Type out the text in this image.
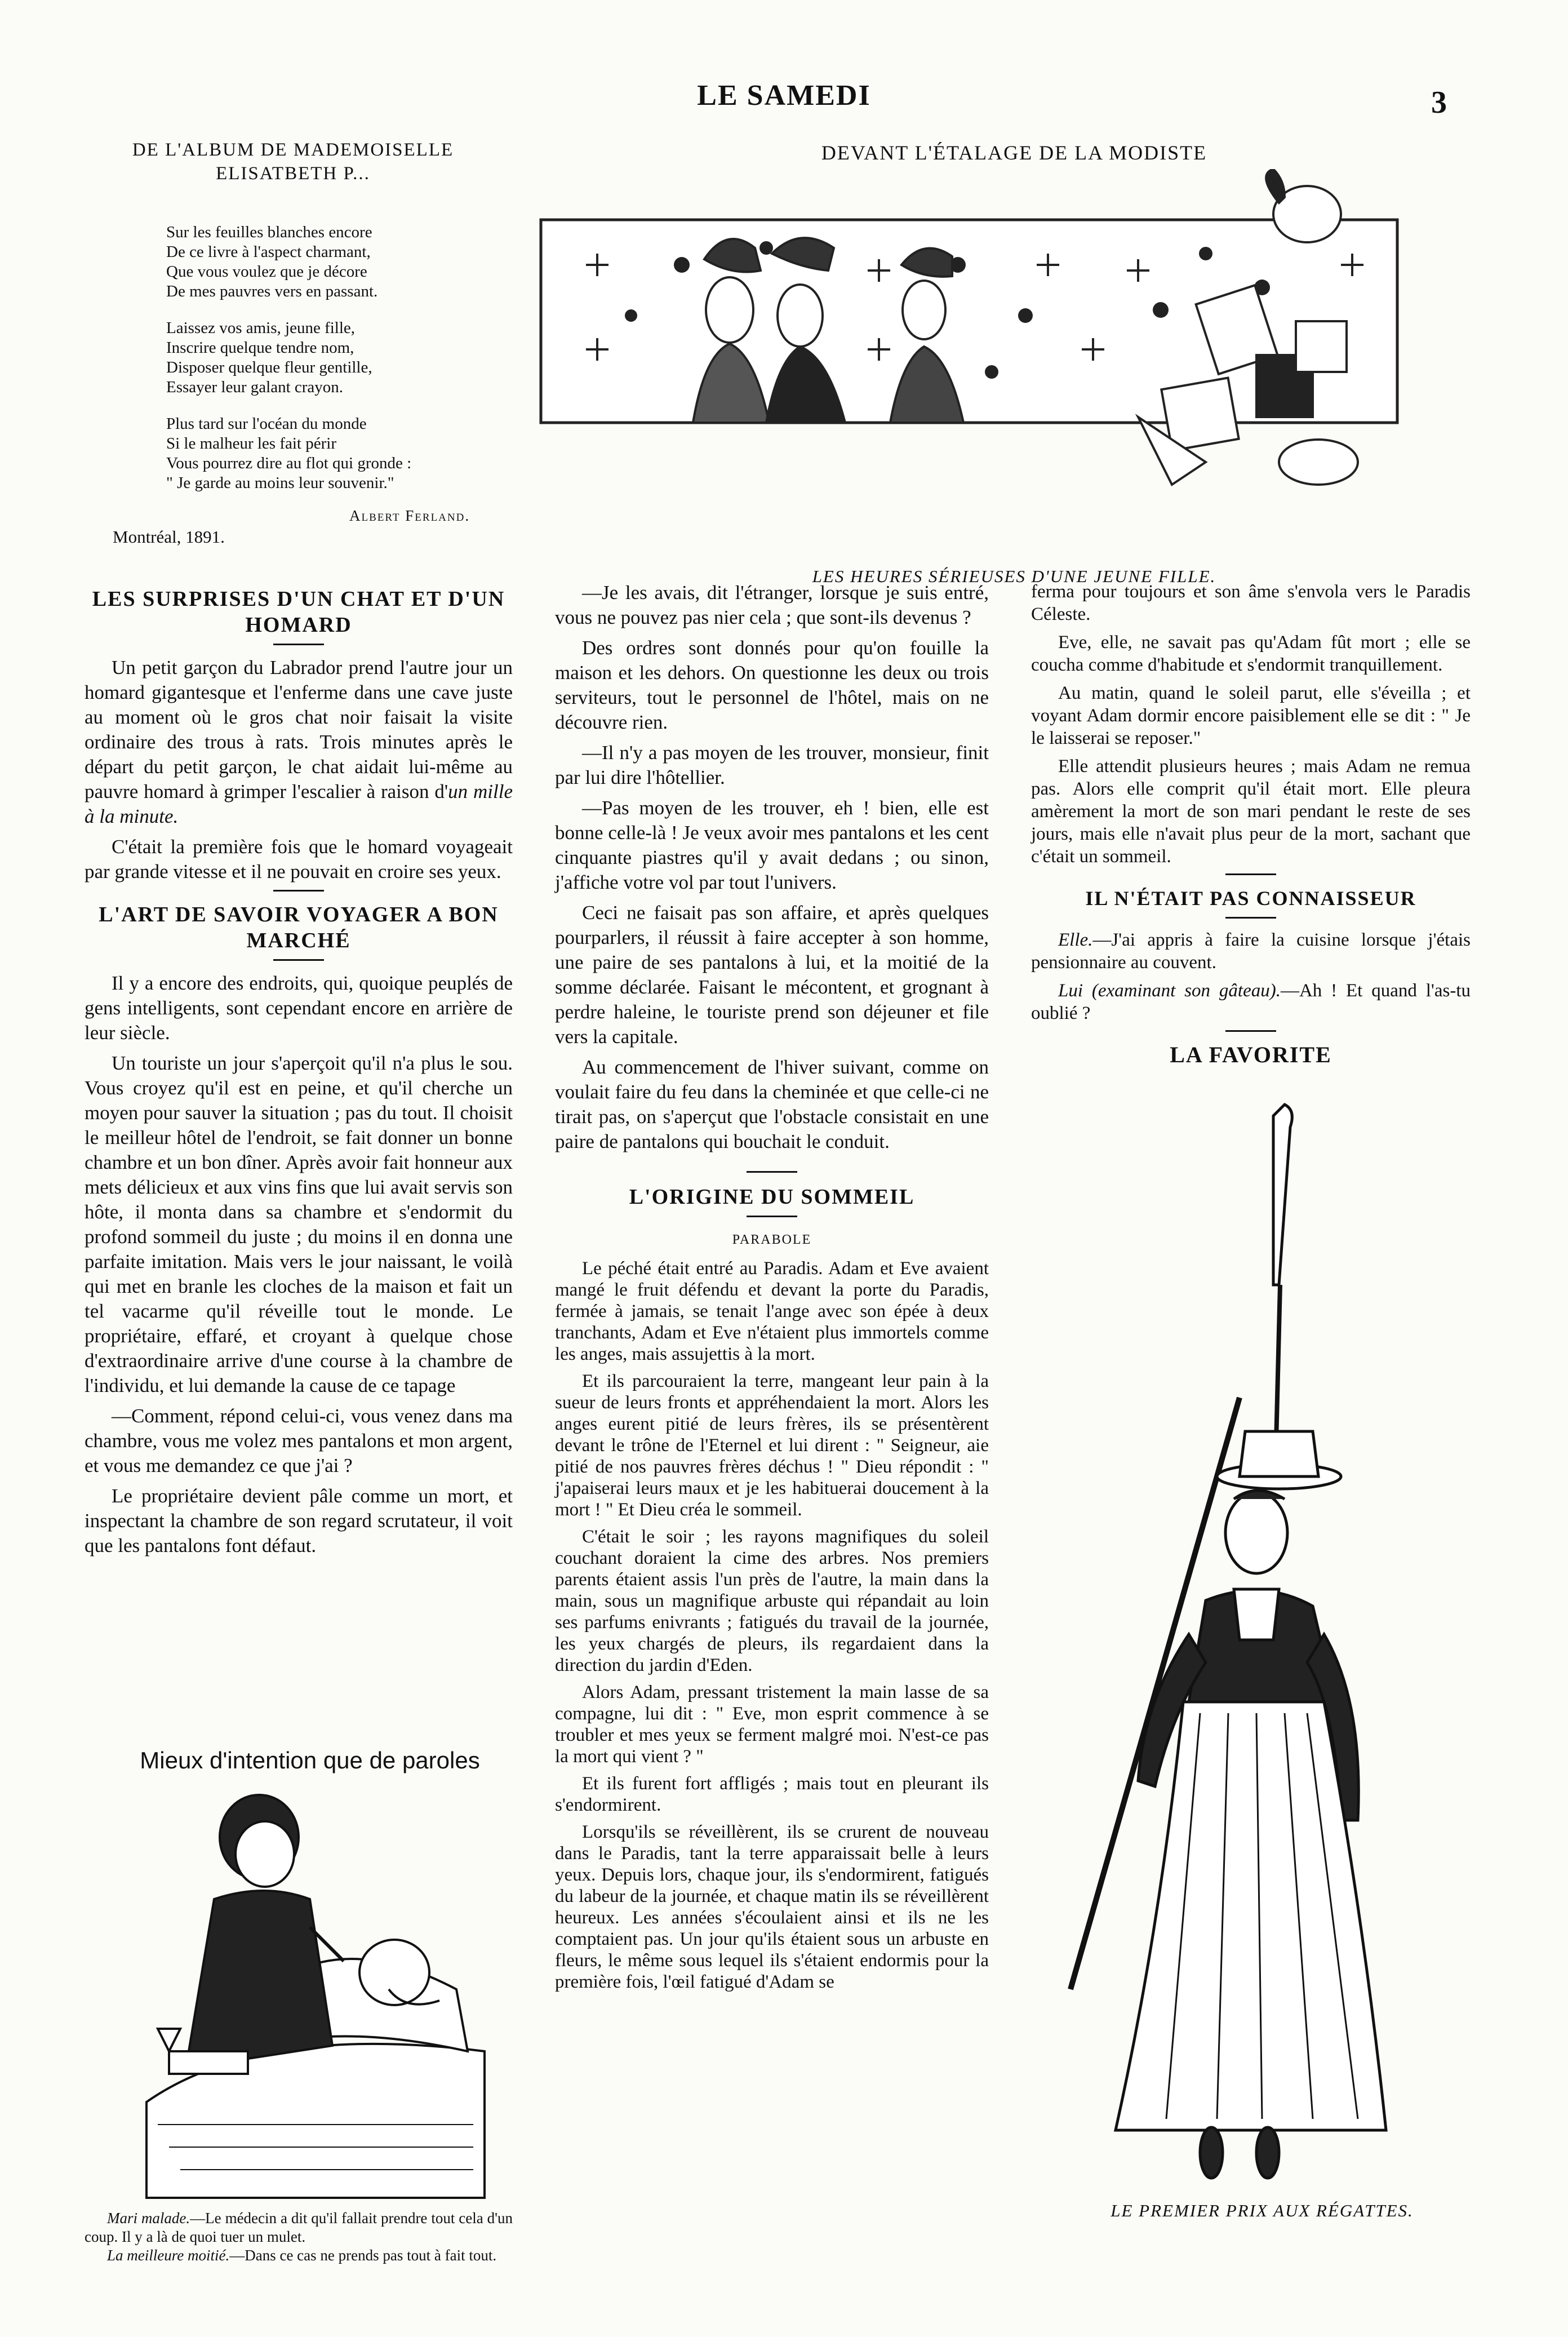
LE SAMEDI	3
DE L'ALBUM DE MADEMOISELLE
ELISATBETH P...
Sur les feuilles blanches encore
De ce livre à l'aspect charmant,
Que vous voulez que je décore
De mes pauvres vers en passant.
Laissez vos amis, jeune fille,
Inscrire quelque tendre nom,
Disposer quelque fleur gentille,
Essayer leur galant crayon.
Plus tard sur l'océan du monde
Si le malheur les fait périr
Vous pourrez dire au flot qui gronde :
" Je garde au moins leur souvenir."
Albert Ferland.
Montréal, 1891.
DEVANT L'ÉTALAGE DE LA MODISTE
LES HEURES SÉRIEUSES D'UNE JEUNE FILLE.
LES SURPRISES D'UN CHAT ET D'UN HOMARD

Un petit garçon du Labrador prend l'autre jour un homard gigantesque et l'enferme dans une cave juste au moment où le gros chat noir faisait la visite ordinaire des trous à rats. Trois minutes après le départ du petit garçon, le chat aidait lui-même au pauvre homard à grimper l'escalier à raison d'un mille à la minute.

C'était la première fois que le homard voyageait par grande vitesse et il ne pouvait en croire ses yeux.

L'ART DE SAVOIR VOYAGER A BON MARCHÉ

Il y a encore des endroits, qui, quoique peuplés de gens intelligents, sont cependant encore en arrière de leur siècle.

Un touriste un jour s'aperçoit qu'il n'a plus le sou. Vous croyez qu'il est en peine, et qu'il cherche un moyen pour sauver la situation ; pas du tout. Il choisit le meilleur hôtel de l'endroit, se fait donner un bonne chambre et un bon dîner. Après avoir fait honneur aux mets délicieux et aux vins fins que lui avait servis son hôte, il monta dans sa chambre et s'endormit du profond sommeil du juste ; du moins il en donna une parfaite imitation. Mais vers le jour naissant, le voilà qui met en branle les cloches de la maison et fait un tel vacarme qu'il réveille tout le monde. Le propriétaire, effaré, et croyant à quelque chose d'extraordinaire arrive d'une course à la chambre de l'individu, et lui demande la cause de ce tapage

—Comment, répond celui-ci, vous venez dans ma chambre, vous me volez mes pantalons et mon argent, et vous me demandez ce que j'ai ?

Le propriétaire devient pâle comme un mort, et inspectant la chambre de son regard scrutateur, il voit que les pantalons font défaut.

Mieux d'intention que de paroles
Mari malade.—Le médecin a dit qu'il fallait prendre tout cela d'un coup. Il y a là de quoi tuer un mulet.
La meilleure moitié.—Dans ce cas ne prends pas tout à fait tout.

—Je les avais, dit l'étranger, lorsque je suis entré, vous ne pouvez pas nier cela ; que sont-ils devenus ?

Des ordres sont donnés pour qu'on fouille la maison et les dehors. On questionne les deux ou trois serviteurs, tout le personnel de l'hôtel, mais on ne découvre rien.

—Il n'y a pas moyen de les trouver, monsieur, finit par lui dire l'hôtellier.

—Pas moyen de les trouver, eh ! bien, elle est bonne celle-là ! Je veux avoir mes pantalons et les cent cinquante piastres qu'il y avait dedans ; ou sinon, j'affiche votre vol par tout l'univers.

Ceci ne faisait pas son affaire, et après quelques pourparlers, il réussit à faire accepter à son homme, une paire de ses pantalons à lui, et la moitié de la somme déclarée. Faisant le mécontent, et grognant à perdre haleine, le touriste prend son déjeuner et file vers la capitale.

Au commencement de l'hiver suivant, comme on voulait faire du feu dans la cheminée et que celle-ci ne tirait pas, on s'aperçut que l'obstacle consistait en une paire de pantalons qui bouchait le conduit.

L'ORIGINE DU SOMMEIL
PARABOLE

Le péché était entré au Paradis. Adam et Eve avaient mangé le fruit défendu et devant la porte du Paradis, fermée à jamais, se tenait l'ange avec son épée à deux tranchants, Adam et Eve n'étaient plus immortels comme les anges, mais assujettis à la mort.

Et ils parcouraient la terre, mangeant leur pain à la sueur de leurs fronts et appréhendaient la mort. Alors les anges eurent pitié de leurs frères, ils se présentèrent devant le trône de l'Eternel et lui dirent : " Seigneur, aie pitié de nos pauvres frères déchus ! " Dieu répondit : " j'apaiserai leurs maux et je les habituerai doucement à la mort ! " Et Dieu créa le sommeil.

C'était le soir ; les rayons magnifiques du soleil couchant doraient la cime des arbres. Nos premiers parents étaient assis l'un près de l'autre, la main dans la main, sous un magnifique arbuste qui répandait au loin ses parfums enivrants ; fatigués du travail de la journée, les yeux chargés de pleurs, ils regardaient dans la direction du jardin d'Eden.

Alors Adam, pressant tristement la main lasse de sa compagne, lui dit : " Eve, mon esprit commence à se troubler et mes yeux se ferment malgré moi. N'est-ce pas la mort qui vient ? "

Et ils furent fort affligés ; mais tout en pleurant ils s'endormirent.

Lorsqu'ils se réveillèrent, ils se crurent de nouveau dans le Paradis, tant la terre apparaissait belle à leurs yeux. Depuis lors, chaque jour, ils s'endormirent, fatigués du labeur de la journée, et chaque matin ils se réveillèrent heureux. Les années s'écoulaient ainsi et ils ne les comptaient pas. Un jour qu'ils étaient sous un arbuste en fleurs, le même sous lequel ils s'étaient endormis pour la première fois, l'œil fatigué d'Adam se

ferma pour toujours et son âme s'envola vers le Paradis Céleste.

Eve, elle, ne savait pas qu'Adam fût mort ; elle se coucha comme d'habitude et s'endormit tranquillement.

Au matin, quand le soleil parut, elle s'éveilla ; et voyant Adam dormir encore paisiblement elle se dit : " Je le laisserai se reposer."

Elle attendit plusieurs heures ; mais Adam ne remua pas. Alors elle comprit qu'il était mort. Elle pleura amèrement la mort de son mari pendant le reste de ses jours, mais elle n'avait plus peur de la mort, sachant que c'était un sommeil.

IL N'ÉTAIT PAS CONNAISSEUR

Elle.—J'ai appris à faire la cuisine lorsque j'étais pensionnaire au couvent.

Lui (examinant son gâteau).—Ah ! Et quand l'as-tu oublié ?

LA FAVORITE
LE PREMIER PRIX AUX RÉGATTES.
